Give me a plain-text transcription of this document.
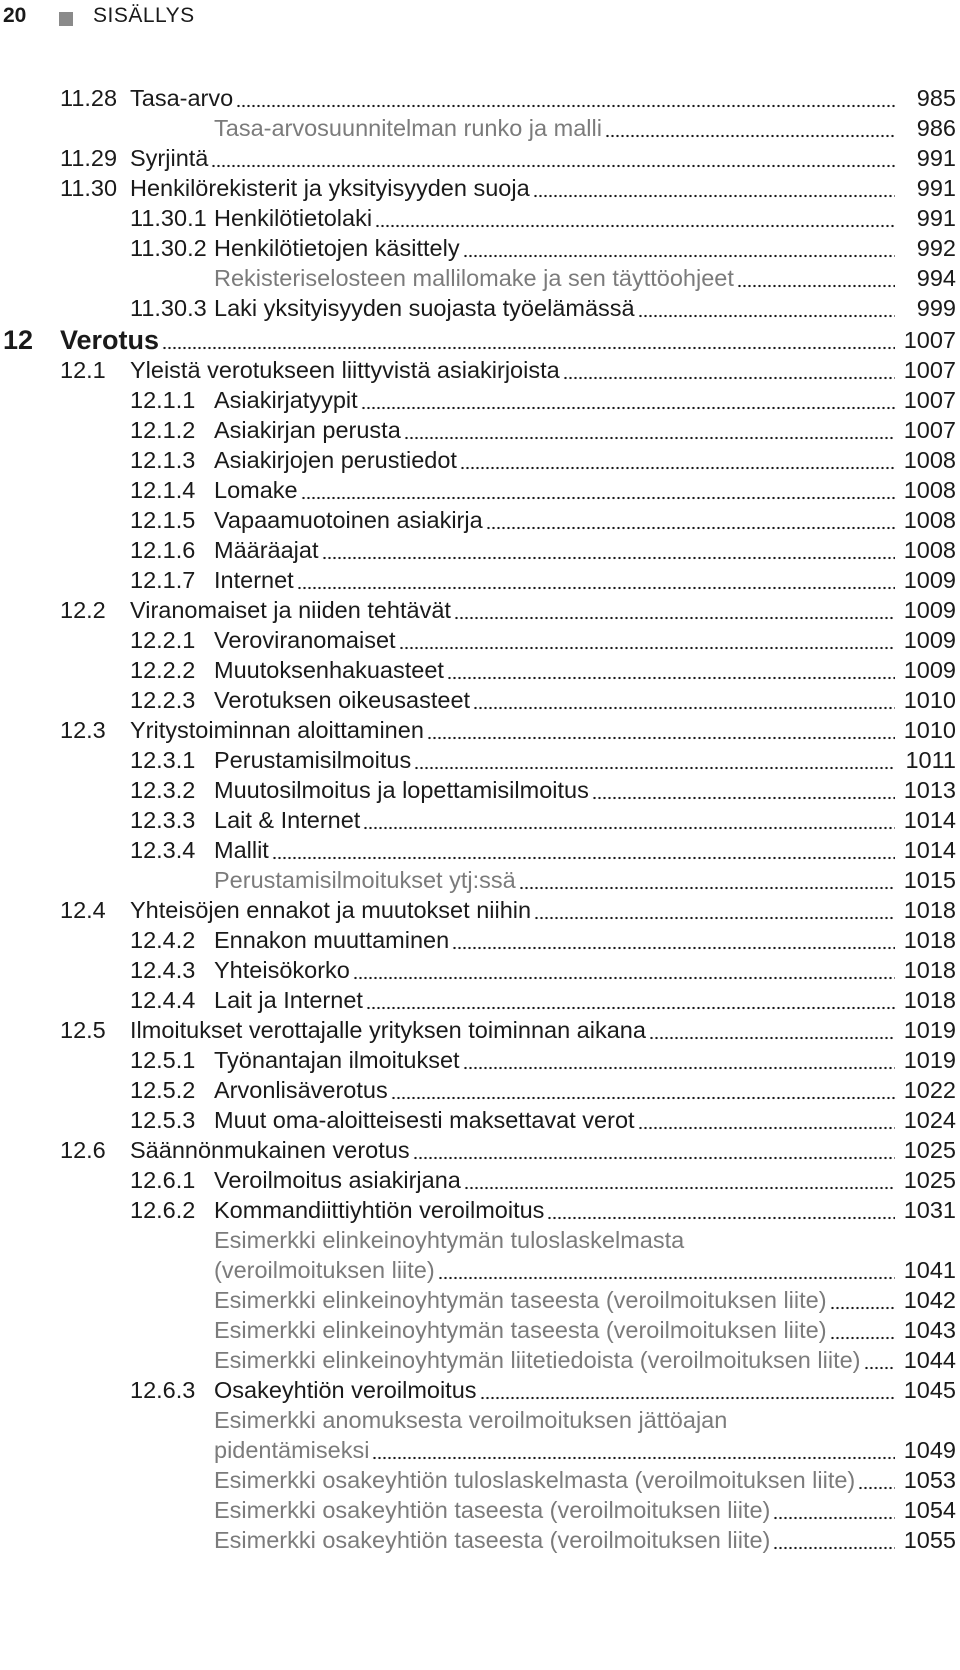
20	SISÄLLYS
11.28 Tasa-arvo	985
Tasa-arvosuunnitelman runko ja malli	986
11.29 Syrjintä	991
11.30 Henkilörekisterit ja yksityisyyden suoja	991
11.30.1 Henkilötietolaki	991
11.30.2 Henkilötietojen käsittely	992
Rekisteriselosteen mallilomake ja sen täyttöohjeet	994
11.30.3 Laki yksityisyyden suojasta työelämässä	999
12 Verotus	1007
12.1 Yleistä verotukseen liittyvistä asiakirjoista	1007
12.1.1 Asiakirjatyypit	1007
12.1.2 Asiakirjan perusta	1007
12.1.3 Asiakirjojen perustiedot	1008
12.1.4 Lomake	1008
12.1.5 Vapaamuotoinen asiakirja	1008
12.1.6 Määräajat	1008
12.1.7 Internet	1009
12.2 Viranomaiset ja niiden tehtävät	1009
12.2.1 Veroviranomaiset	1009
12.2.2 Muutoksenhakuasteet	1009
12.2.3 Verotuksen oikeusasteet	1010
12.3 Yritystoiminnan aloittaminen	1010
12.3.1 Perustamisilmoitus	1011
12.3.2 Muutosilmoitus ja lopettamisilmoitus	1013
12.3.3 Lait & Internet	1014
12.3.4 Mallit	1014
Perustamisilmoitukset ytj:ssä	1015
12.4 Yhteisöjen ennakot ja muutokset niihin	1018
12.4.2 Ennakon muuttaminen	1018
12.4.3 Yhteisökorko	1018
12.4.4 Lait ja Internet	1018
12.5 Ilmoitukset verottajalle yrityksen toiminnan aikana	1019
12.5.1 Työnantajan ilmoitukset	1019
12.5.2 Arvonlisäverotus	1022
12.5.3 Muut oma-aloitteisesti maksettavat verot	1024
12.6 Säännönmukainen verotus	1025
12.6.1 Veroilmoitus asiakirjana	1025
12.6.2 Kommandiittiyhtiön veroilmoitus	1031
Esimerkki elinkeinoyhtymän tuloslaskelmasta
(veroilmoituksen liite)	1041
Esimerkki elinkeinoyhtymän taseesta (veroilmoituksen liite)	1042
Esimerkki elinkeinoyhtymän taseesta (veroilmoituksen liite)	1043
Esimerkki elinkeinoyhtymän liitetiedoista (veroilmoituksen liite) 1044
12.6.3 Osakeyhtiön veroilmoitus	1045
Esimerkki anomuksesta veroilmoituksen jättöajan
pidentämiseksi	1049
Esimerkki osakeyhtiön tuloslaskelmasta (veroilmoituksen liite) 1053
Esimerkki osakeyhtiön taseesta (veroilmoituksen liite)	1054
Esimerkki osakeyhtiön taseesta (veroilmoituksen liite)	1055
